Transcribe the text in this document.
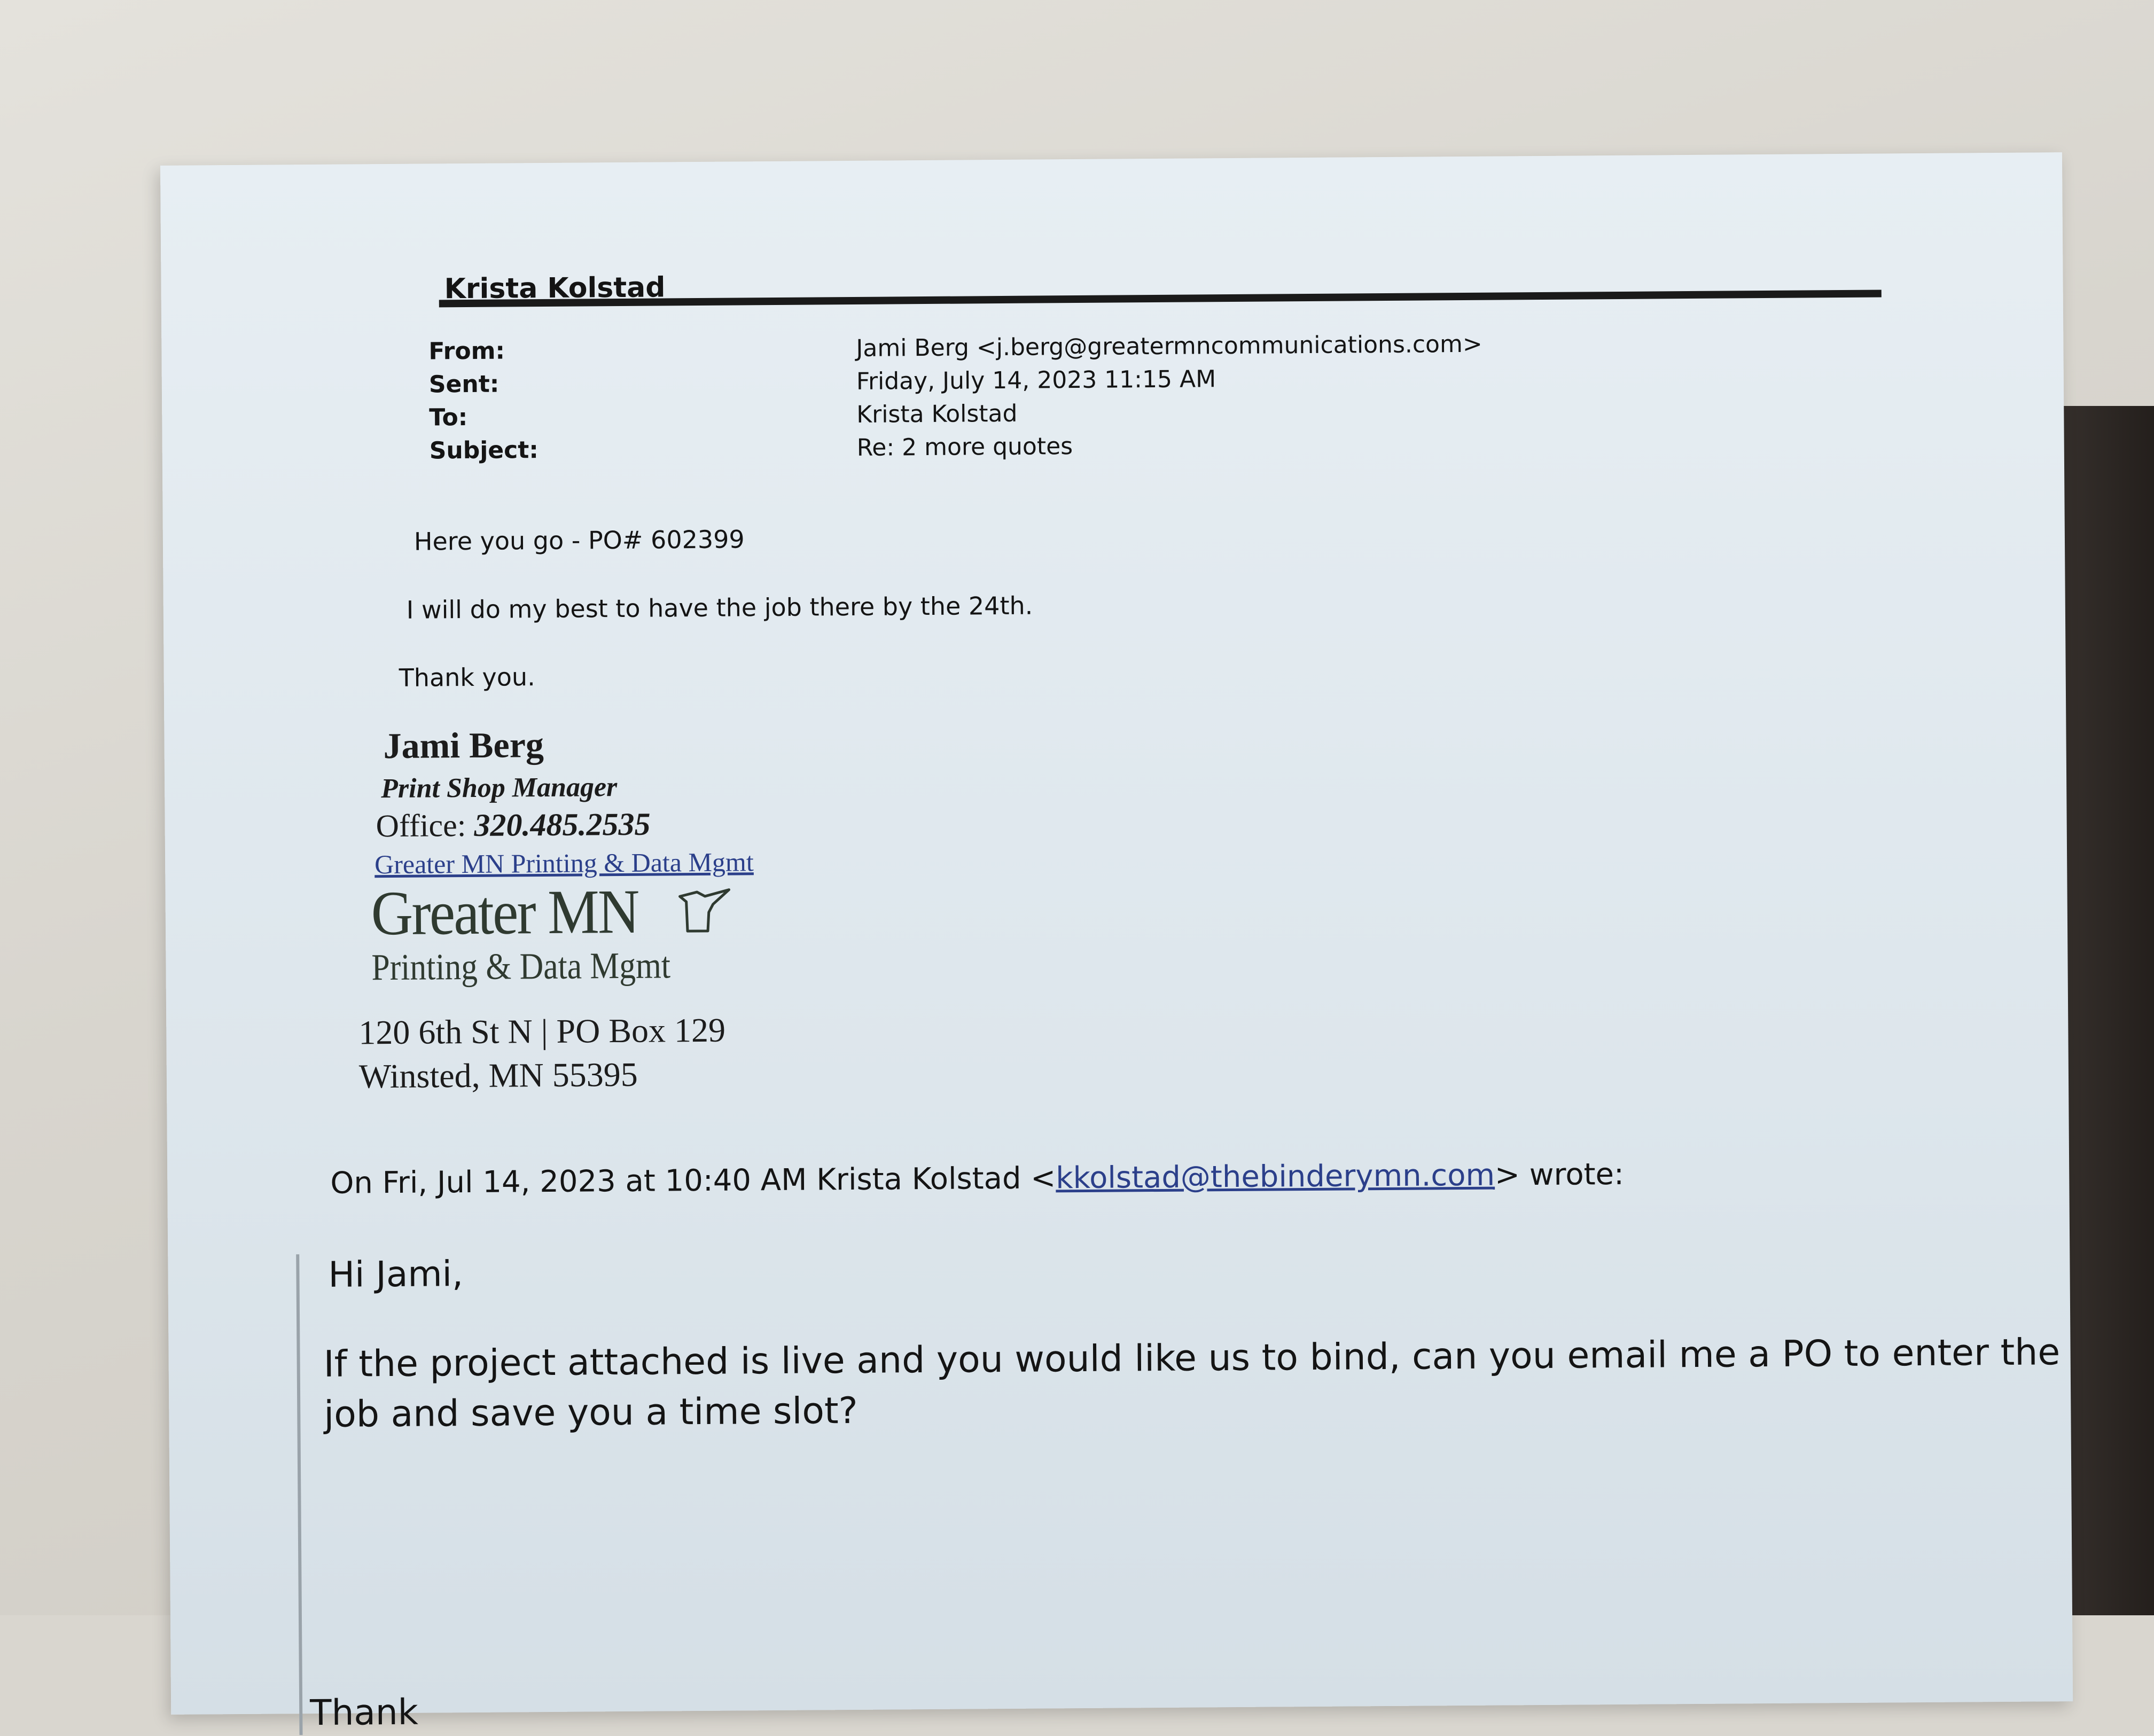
Krista Kolstad
From:	Jami Berg <j.berg@greatermncommunications.com>
Sent:	Friday, July 14, 2023 11:15 AM
To:	Krista Kolstad
Subject:	Re: 2 more quotes
Here you go - PO# 602399
I will do my best to have the job there by the 24th.
Thank you.
Jami Berg
Print Shop Manager
Office: 320.485.2535
Greater MN Printing & Data Mgmt
Greater MN
Printing & Data Mgmt
120 6th St N | PO Box 129
Winsted, MN 55395
On Fri, Jul 14, 2023 at 10:40 AM Krista Kolstad <kkolstad@thebinderymn.com> wrote:
Hi Jami,
If the project attached is live and you would like us to bind, can you email me a PO to enter the job and save you a time slot?
Thank
